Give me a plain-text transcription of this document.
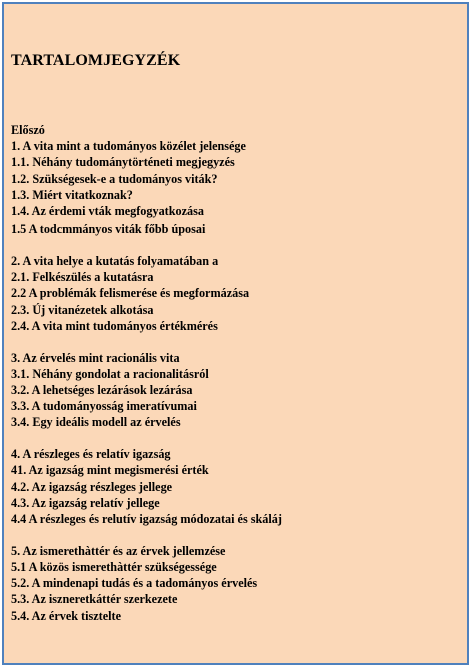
TARTALOMJEGYZÉK
Előszó
1. A vita mint a tudományos közélet jelensége
1.1. Néhány tudománytörténeti megjegyzés
1.2. Szükségesek-e a tudományos viták?
1.3. Miért vitatkoznak?
1.4. Az érdemi vták megfogyatkozása
1.5 A todcmmányos viták főbb úposai
2. A vita helye a kutatás folyamatában a
2.1. Felkészülés a kutatásra
2.2 A problémák felismerése és megformázása
2.3. Új vitanézetek alkotása
2.4. A vita mint tudományos értékmérés
3. Az érvelés mint racionális vita
3.1. Néhány gondolat a racionalitásról
3.2. A lehetséges lezárások lezárása
3.3. A tudományosság imeratívumai
3.4. Egy ideális modell az érvelés
4. A részleges és relatív igazság
41. Az igazság mint megismerési érték
4.2. Az igazság részleges jellege
4.3. Az igazság relatív jellege
4.4 A részleges és relutív igazság módozatai és skáláj
5. Az ismerethàttér és az érvek jellemzése
5.1 A közös ismerethàttér szükségessége
5.2. A mindenapi tudás és a tadományos érvelés
5.3. Az iszneretkáttér szerkezete
5.4. Az érvek tisztelte
